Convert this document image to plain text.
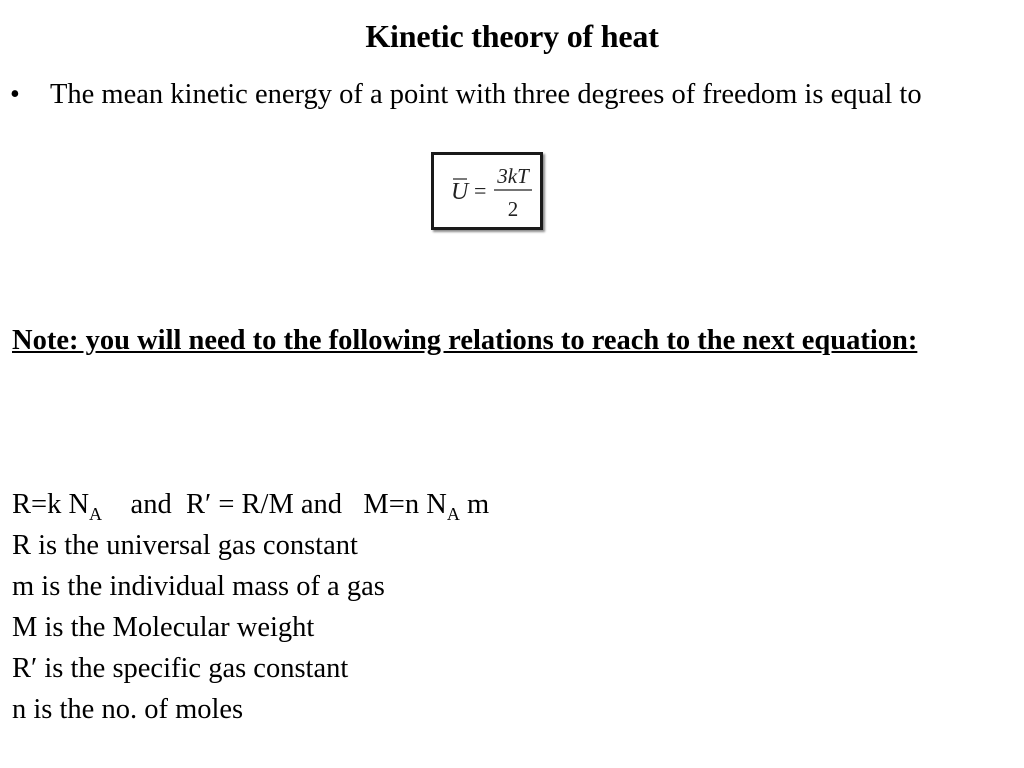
Kinetic theory of heat
•	The mean kinetic energy of a point with three degrees of freedom is equal to
U =
3kT
2
Note: you will need to the following relations to reach to the next equation:
R=k $N_A$    and  R′ = R/M and   M=n $N_A$ m
R is the universal gas constant
m is the individual mass of a gas
M is the Molecular weight
R′ is the specific gas constant
n is the no. of moles
